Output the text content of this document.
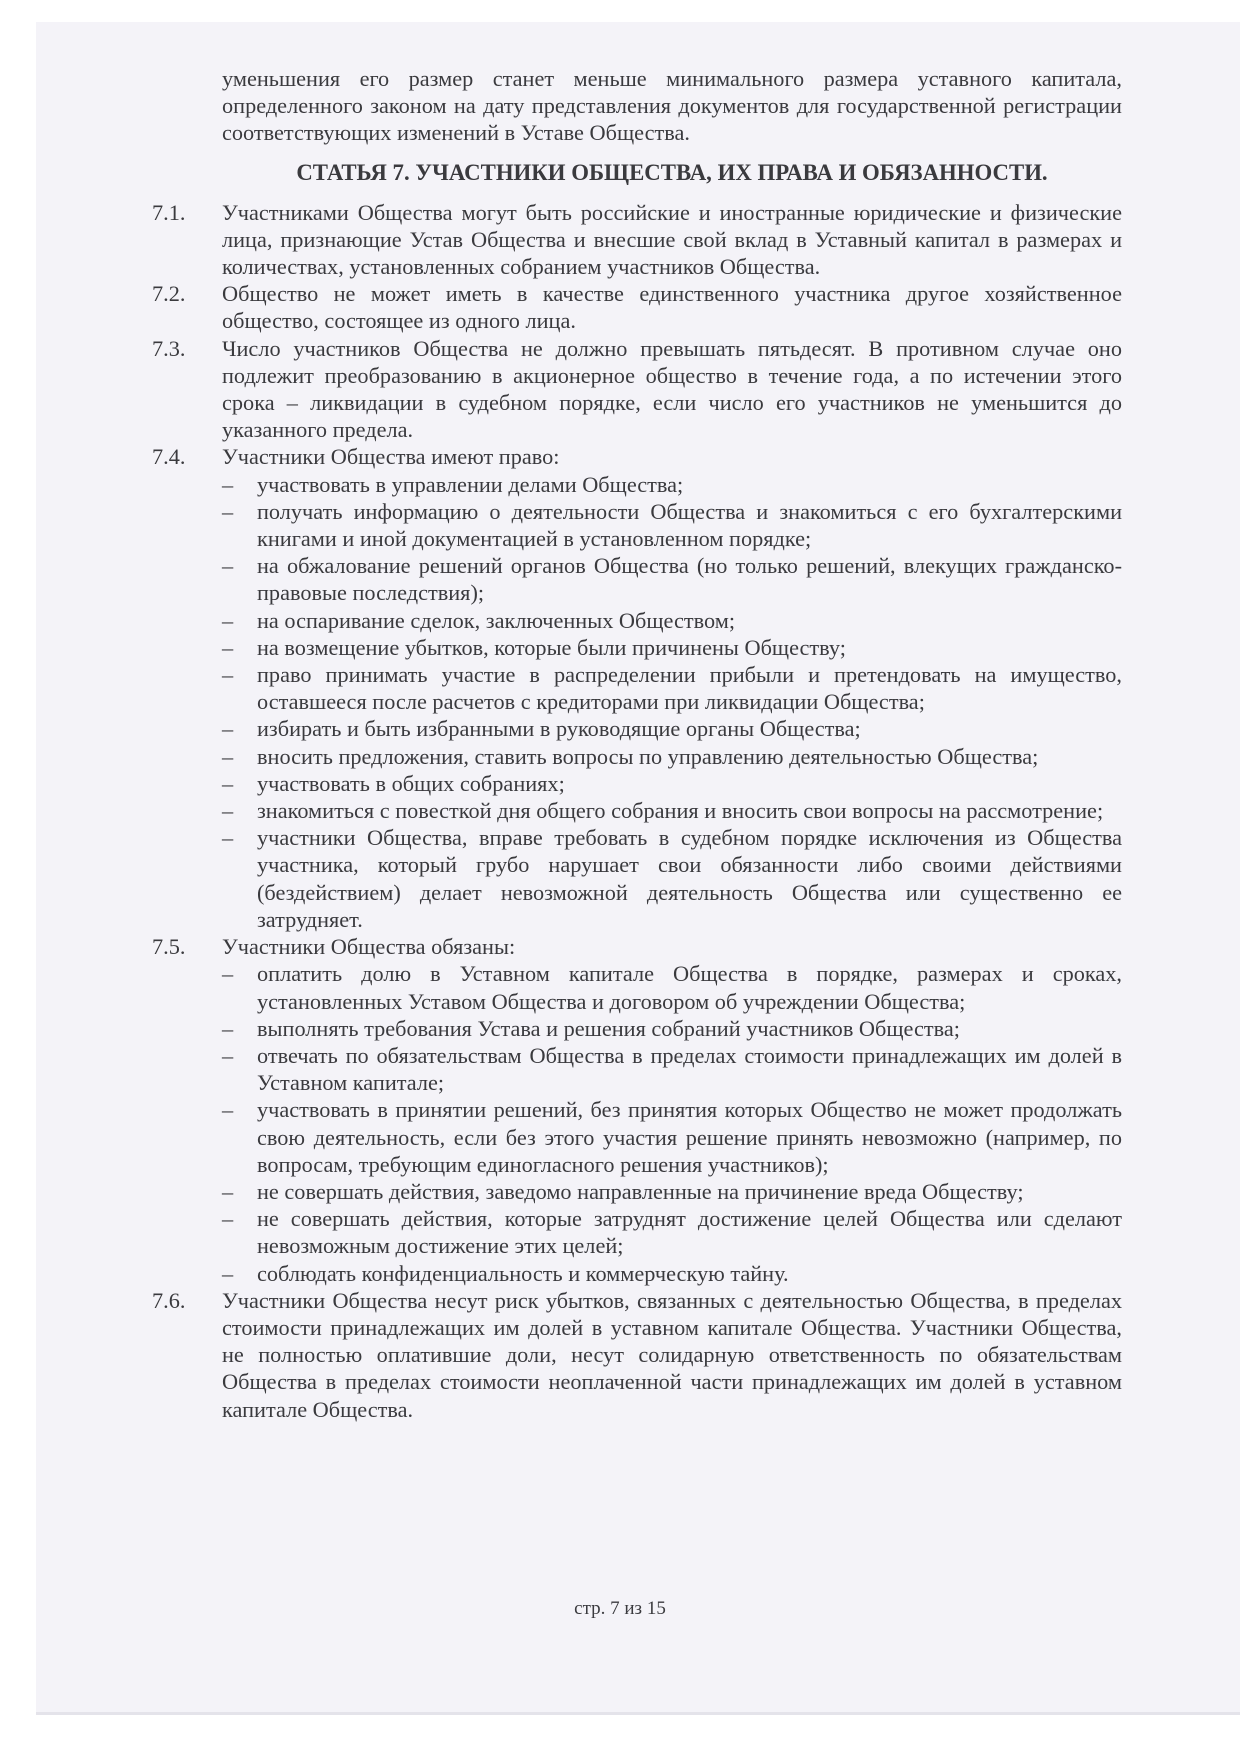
уменьшения его размер станет меньше минимального размера уставного капитала, определенного законом на дату представления документов для государственной регистрации соответствующих изменений в Уставе Общества.

СТАТЬЯ 7. УЧАСТНИКИ ОБЩЕСТВА, ИХ ПРАВА И ОБЯЗАННОСТИ.
7.1.	Участниками Общества могут быть российские и иностранные юридические и физические лица, признающие Устав Общества и внесшие свой вклад в Уставный капитал в размерах и количествах, установленных собранием участников Общества.
7.2.	Общество не может иметь в качестве единственного участника другое хозяйственное общество, состоящее из одного лица.
7.3.	Число участников Общества не должно превышать пятьдесят. В противном случае оно подлежит преобразованию в акционерное общество в течение года, а по истечении этого срока – ликвидации в судебном порядке, если число его участников не уменьшится до указанного предела.
7.4.	Участники Общества имеют право:
–	участвовать в управлении делами Общества;
–	получать информацию о деятельности Общества и знакомиться с его бухгалтерскими книгами и иной документацией в установленном порядке;
–	на обжалование решений органов Общества (но только решений, влекущих гражданско-правовые последствия);
–	на оспаривание сделок, заключенных Обществом;
–	на возмещение убытков, которые были причинены Обществу;
–	право принимать участие в распределении прибыли и претендовать на имущество, оставшееся после расчетов с кредиторами при ликвидации Общества;
–	избирать и быть избранными в руководящие органы Общества;
–	вносить предложения, ставить вопросы по управлению деятельностью Общества;
–	участвовать в общих собраниях;
–	знакомиться с повесткой дня общего собрания и вносить свои вопросы на рассмотрение;
–	участники Общества, вправе требовать в судебном порядке исключения из Общества участника, который грубо нарушает свои обязанности либо своими действиями (бездействием) делает невозможной деятельность Общества или существенно ее затрудняет.
7.5.	Участники Общества обязаны:
–	оплатить долю в Уставном капитале Общества в порядке, размерах и сроках, установленных Уставом Общества и договором об учреждении Общества;
–	выполнять требования Устава и решения собраний участников Общества;
–	отвечать по обязательствам Общества в пределах стоимости принадлежащих им долей в Уставном капитале;
–	участвовать в принятии решений, без принятия которых Общество не может продолжать свою деятельность, если без этого участия решение принять невозможно (например, по вопросам, требующим единогласного решения участников);
–	не совершать действия, заведомо направленные на причинение вреда Обществу;
–	не совершать действия, которые затруднят достижение целей Общества или сделают невозможным достижение этих целей;
–	соблюдать конфиденциальность и коммерческую тайну.
7.6.	Участники Общества несут риск убытков, связанных с деятельностью Общества, в пределах стоимости принадлежащих им долей в уставном капитале Общества. Участники Общества, не полностью оплатившие доли, несут солидарную ответственность по обязательствам Общества в пределах стоимости неоплаченной части принадлежащих им долей в уставном капитале Общества.
стр. 7 из 15
